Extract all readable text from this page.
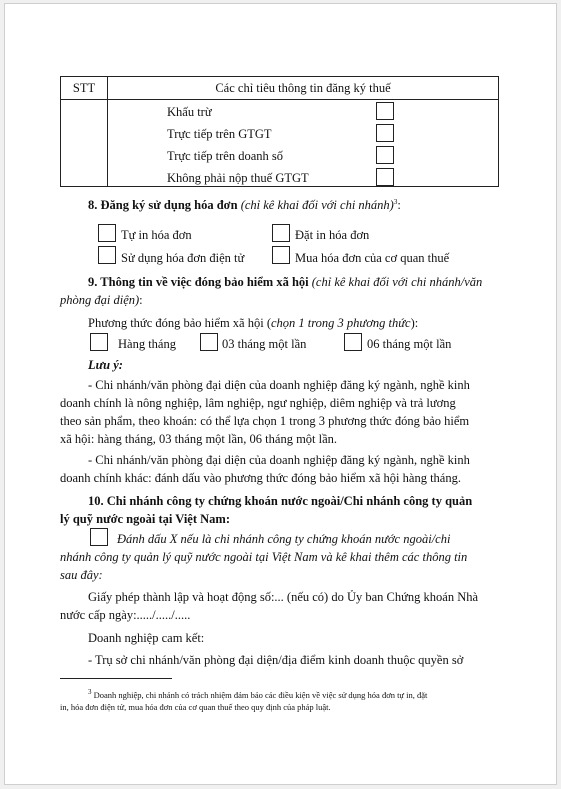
STT	Các chỉ tiêu thông tin đăng ký thuế

Khấu trừ
Trực tiếp trên GTGT
Trực tiếp trên doanh số
Không phải nộp thuế GTGT
8. Đăng ký sử dụng hóa đơn (chỉ kê khai đối với chi nhánh)$^3$:
Tự in hóa đơn	Đặt in hóa đơn
Sử dụng hóa đơn điện tử	Mua hóa đơn của cơ quan thuế
9. Thông tin về việc đóng bảo hiểm xã hội (chỉ kê khai đối với chi nhánh/văn
phòng đại diện):
Phương thức đóng bảo hiểm xã hội (chọn 1 trong 3 phương thức):
Hàng tháng	03 tháng một lần	06 tháng một lần
Lưu ý:
- Chi nhánh/văn phòng đại diện của doanh nghiệp đăng ký ngành, nghề kinh
doanh chính là nông nghiệp, lâm nghiệp, ngư nghiệp, diêm nghiệp và trả lương
theo sản phẩm, theo khoán: có thể lựa chọn 1 trong 3 phương thức đóng bảo hiểm
xã hội: hàng tháng, 03 tháng một lần, 06 tháng một lần.
- Chi nhánh/văn phòng đại diện của doanh nghiệp đăng ký ngành, nghề kinh
doanh chính khác: đánh dấu vào phương thức đóng bảo hiểm xã hội hàng tháng.
10. Chi nhánh công ty chứng khoán nước ngoài/Chi nhánh công ty quản
lý quỹ nước ngoài tại Việt Nam:
Đánh dấu X nếu là chi nhánh công ty chứng khoán nước ngoài/chi
nhánh công ty quản lý quỹ nước ngoài tại Việt Nam và kê khai thêm các thông tin
sau đây:
Giấy phép thành lập và hoạt động số:... (nếu có) do Ủy ban Chứng khoán Nhà
nước cấp ngày:...../...../.....
Doanh nghiệp cam kết:
- Trụ sở chi nhánh/văn phòng đại diện/địa điểm kinh doanh thuộc quyền sở
$^3$ Doanh nghiệp, chi nhánh có trách nhiệm đảm bảo các điều kiện về việc sử dụng hóa đơn tự in, đặt
in, hóa đơn điện tử, mua hóa đơn của cơ quan thuế theo quy định của pháp luật.
